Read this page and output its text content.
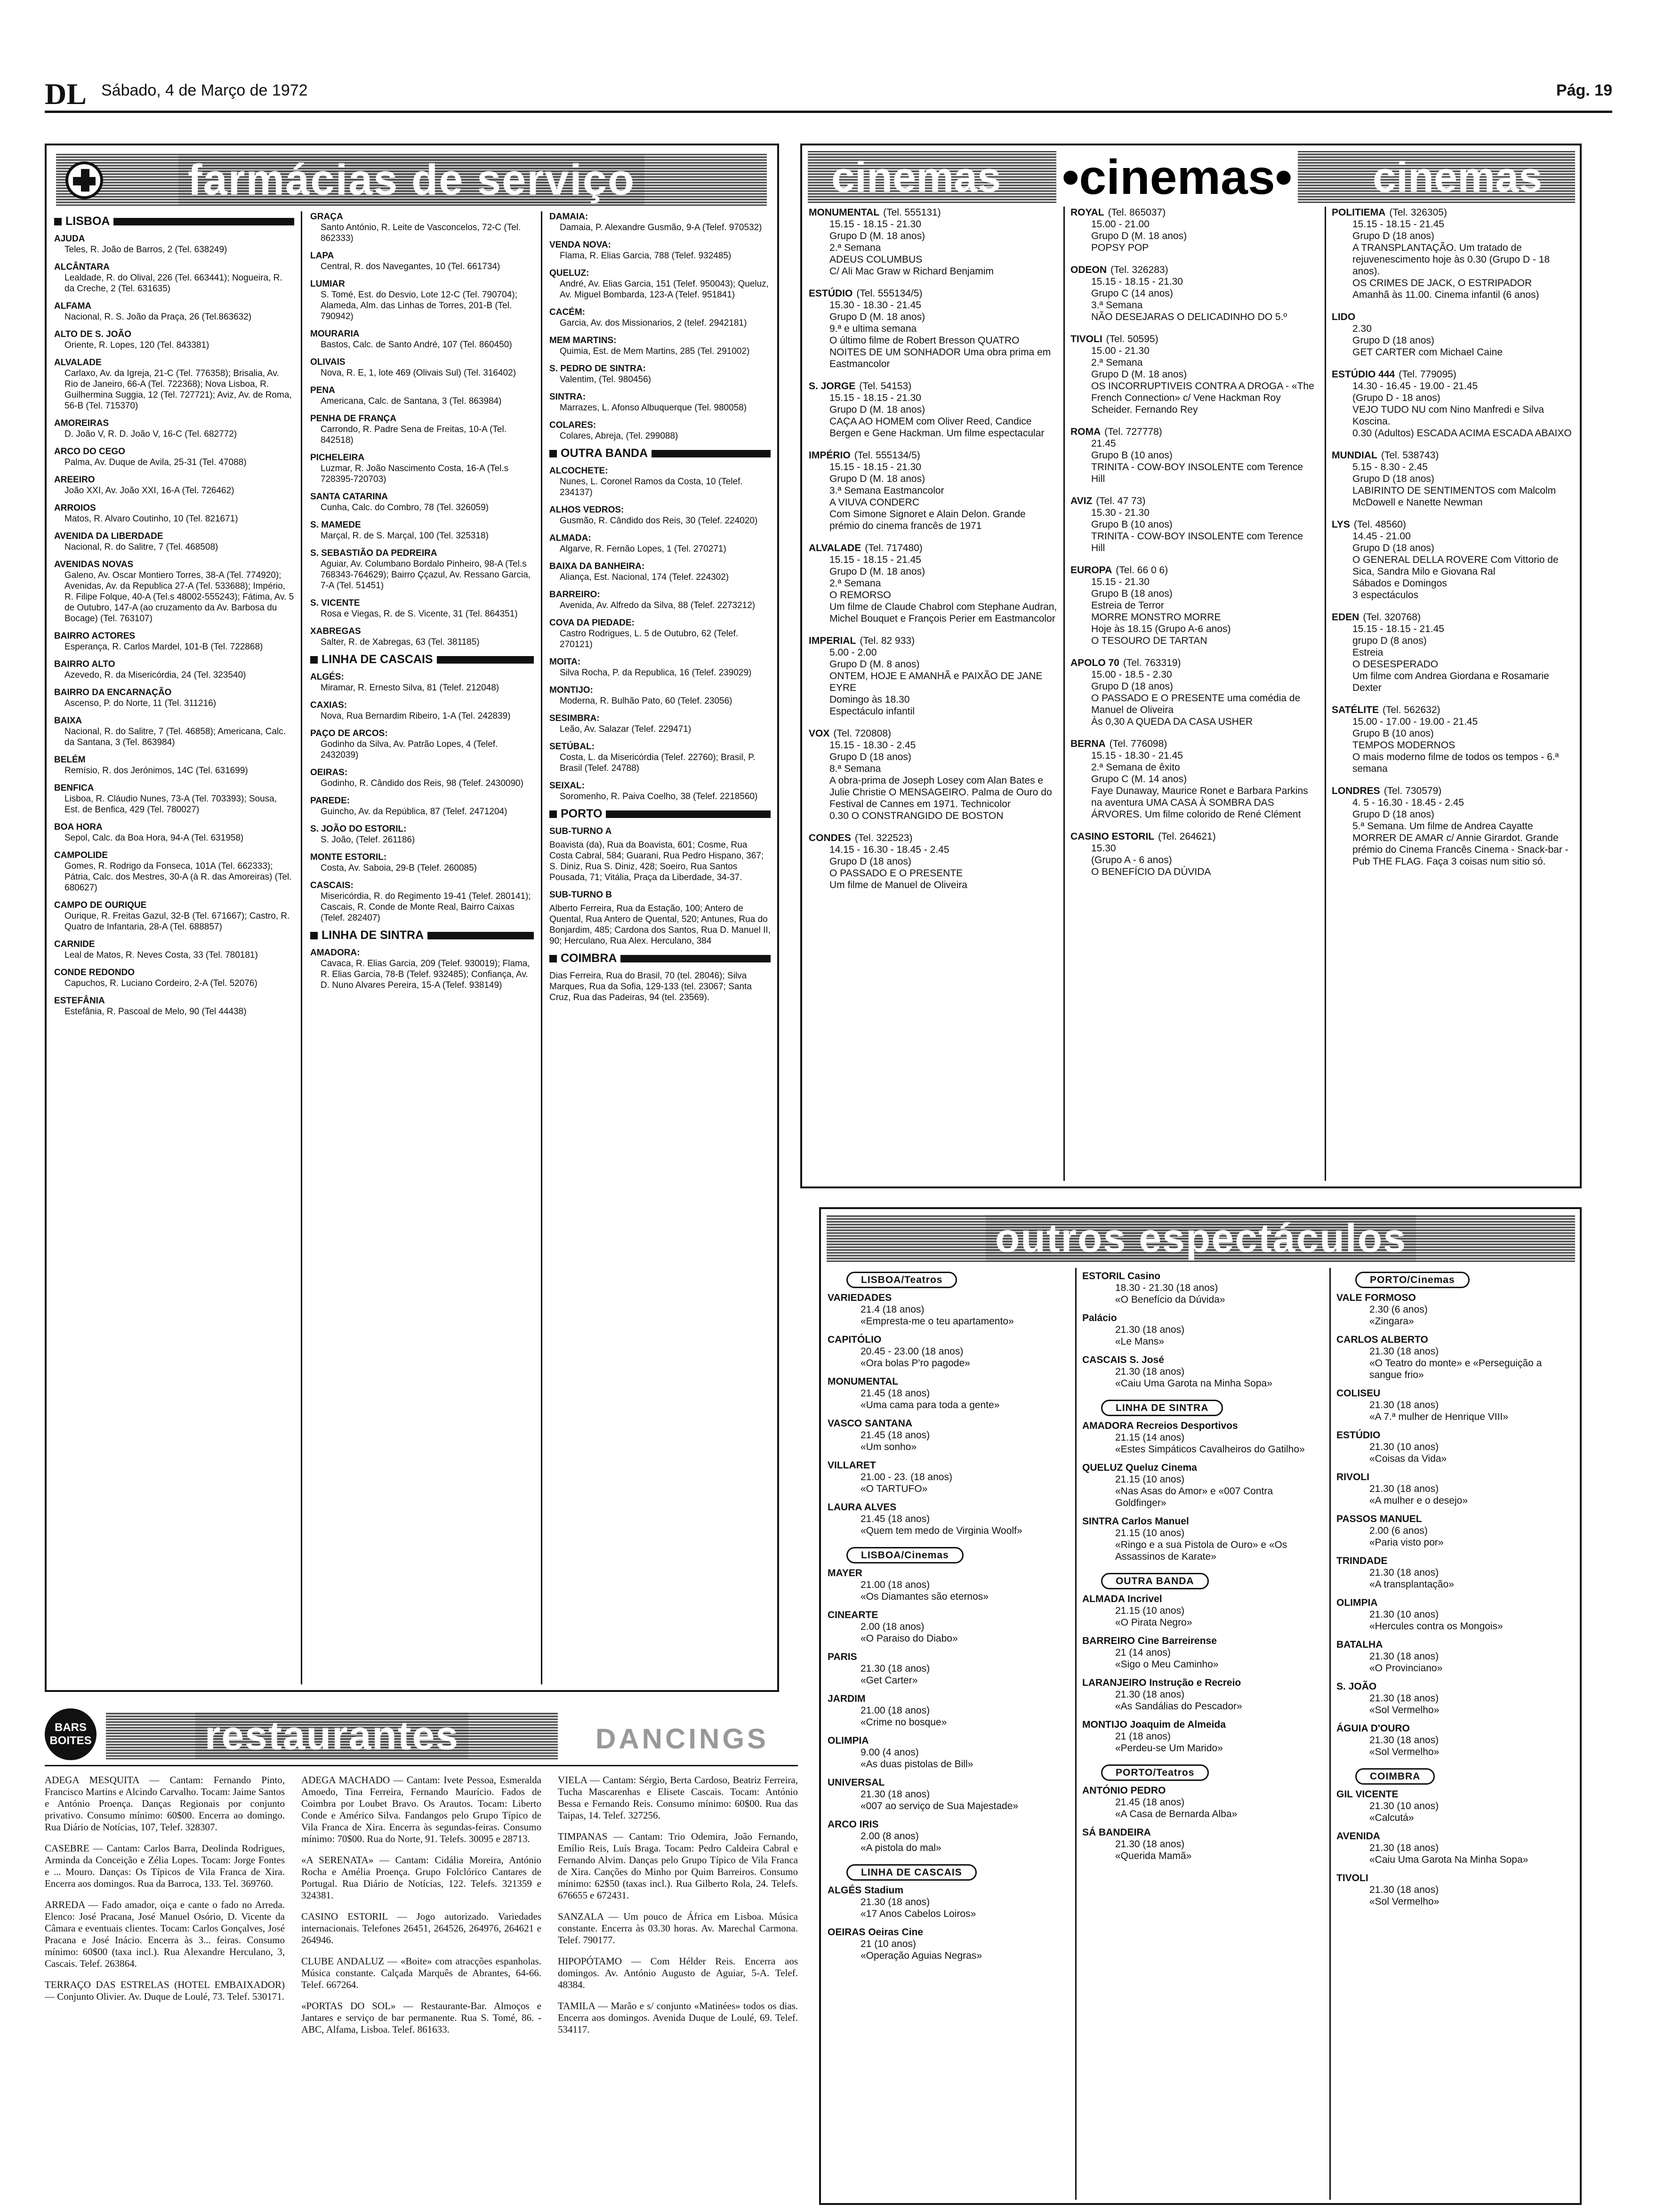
DL Sábado, 4 de Março de 1972	Pág. 19
farmácias de serviço
LISBOA
AJUDA
Teles, R. João de Barros, 2 (Tel. 638249)
ALCÂNTARA
Lealdade, R. do Olival, 226 (Tel. 663441); Nogueira, R. da Creche, 2 (Tel. 631635)
ALFAMA
Nacional, R. S. João da Praça, 26 (Tel.863632)
ALTO DE S. JOÃO
Oriente, R. Lopes, 120 (Tel. 843381)
ALVALADE
Carlaxo, Av. da Igreja, 21-C (Tel. 776358); Brisalia, Av. Rio de Janeiro, 66-A (Tel. 722368); Nova Lisboa, R. Guilhermina Suggia, 12 (Tel. 727721); Aviz, Av. de Roma, 56-B (Tel. 715370)
AMOREIRAS
D. João V, R. D. João V, 16-C (Tel. 682772)
ARCO DO CEGO
Palma, Av. Duque de Avila, 25-31 (Tel. 47088)
AREEIRO
João XXI, Av. João XXI, 16-A (Tel. 726462)
ARROIOS
Matos, R. Alvaro Coutinho, 10 (Tel. 821671)
AVENIDA DA LIBERDADE
Nacional, R. do Salitre, 7 (Tel. 468508)
AVENIDAS NOVAS
Galeno, Av. Oscar Montiero Torres, 38-A (Tel. 774920); Avenidas, Av. da Republica 27-A (Tel. 533688); Império, R. Filipe Folque, 40-A (Tel.s 48002-555243); Fátima, Av. 5 de Outubro, 147-A (ao cruzamento da Av. Barbosa du Bocage) (Tel. 763107)
BAIRRO ACTORES
Esperança, R. Carlos Mardel, 101-B (Tel. 722868)
BAIRRO ALTO
Azevedo, R. da Misericórdia, 24 (Tel. 323540)
BAIRRO DA ENCARNAÇÃO
Ascenso, P. do Norte, 11 (Tel. 311216)
BAIXA
Nacional, R. do Salitre, 7 (Tel. 46858); Americana, Calc. da Santana, 3 (Tel. 863984)
BELÉM
Remísio, R. dos Jerónimos, 14C (Tel. 631699)
BENFICA
Lisboa, R. Cláudio Nunes, 73-A (Tel. 703393); Sousa, Est. de Benfica, 429 (Tel. 780027)
BOA HORA
Sepol, Calc. da Boa Hora, 94-A (Tel. 631958)
CAMPOLIDE
Gomes, R. Rodrigo da Fonseca, 101A (Tel. 662333); Pátria, Calc. dos Mestres, 30-A (à R. das Amoreiras) (Tel. 680627)
CAMPO DE OURIQUE
Ourique, R. Freitas Gazul, 32-B (Tel. 671667); Castro, R. Quatro de Infantaria, 28-A (Tel. 688857)
CARNIDE
Leal de Matos, R. Neves Costa, 33 (Tel. 780181)
CONDE REDONDO
Capuchos, R. Luciano Cordeiro, 2-A (Tel. 52076)
ESTEFÂNIA
Estefânia, R. Pascoal de Melo, 90 (Tel 44438)
GRAÇA
Santo António, R. Leite de Vasconcelos, 72-C (Tel. 862333)
LAPA
Central, R. dos Navegantes, 10 (Tel. 661734)
LUMIAR
S. Tomé, Est. do Desvio, Lote 12-C (Tel. 790704); Alameda, Alm. das Linhas de Torres, 201-B (Tel. 790942)
MOURARIA
Bastos, Calc. de Santo André, 107 (Tel. 860450)
OLIVAIS
Nova, R. E, 1, lote 469 (Olivais Sul) (Tel. 316402)
PENA
Americana, Calc. de Santana, 3 (Tel. 863984)
PENHA DE FRANÇA
Carrondo, R. Padre Sena de Freitas, 10-A (Tel. 842518)
PICHELEIRA
Luzmar, R. João Nascimento Costa, 16-A (Tel.s 728395-720703)
SANTA CATARINA
Cunha, Calc. do Combro, 78 (Tel. 326059)
S. MAMEDE
Marçal, R. de S. Marçal, 100 (Tel. 325318)
S. SEBASTIÃO DA PEDREIRA
Aguiar, Av. Columbano Bordalo Pinheiro, 98-A (Tel.s 768343-764629); Bairro Ççazul, Av. Ressano Garcia, 7-A (Tel. 51451)
S. VICENTE
Rosa e Viegas, R. de S. Vicente, 31 (Tel. 864351)
XABREGAS
Salter, R. de Xabregas, 63 (Tel. 381185)
LINHA DE CASCAIS
ALGÉS:
Miramar, R. Ernesto Silva, 81 (Telef. 212048)
CAXIAS:
Nova, Rua Bernardim Ribeiro, 1-A (Tel. 242839)
PAÇO DE ARCOS:
Godinho da Silva, Av. Patrão Lopes, 4 (Telef. 2432039)
OEIRAS:
Godinho, R. Cândido dos Reis, 98 (Telef. 2430090)
PAREDE:
Guincho, Av. da República, 87 (Telef. 2471204)
S. JOÃO DO ESTORIL:
S. João, (Telef. 261186)
MONTE ESTORIL:
Costa, Av. Saboia, 29-B (Telef. 260085)
CASCAIS:
Misericórdia, R. do Regimento 19-41 (Telef. 280141); Cascais, R. Conde de Monte Real, Bairro Caixas (Telef. 282407)
LINHA DE SINTRA
AMADORA:
Cavaca, R. Elias Garcia, 209 (Telef. 930019); Flama, R. Elias Garcia, 78-B (Telef. 932485); Confiança, Av. D. Nuno Alvares Pereira, 15-A (Telef. 938149)
DAMAIA:
Damaia, P. Alexandre Gusmão, 9-A (Telef. 970532)
VENDA NOVA:
Flama, R. Elias Garcia, 788 (Telef. 932485)
QUELUZ:
André, Av. Elias Garcia, 151 (Telef. 950043); Queluz, Av. Miguel Bombarda, 123-A (Telef. 951841)
CACÉM:
Garcia, Av. dos Missionarios, 2 (telef. 2942181)
MEM MARTINS:
Quimia, Est. de Mem Martins, 285 (Tel. 291002)
S. PEDRO DE SINTRA:
Valentim, (Tel. 980456)
SINTRA:
Marrazes, L. Afonso Albuquerque (Tel. 980058)
COLARES:
Colares, Abreja, (Tel. 299088)
OUTRA BANDA
ALCOCHETE:
Nunes, L. Coronel Ramos da Costa, 10 (Telef. 234137)
ALHOS VEDROS:
Gusmão, R. Cândido dos Reis, 30 (Telef. 224020)
ALMADA:
Algarve, R. Fernão Lopes, 1 (Tel. 270271)
BAIXA DA BANHEIRA:
Aliança, Est. Nacional, 174 (Telef. 224302)
BARREIRO:
Avenida, Av. Alfredo da Silva, 88 (Telef. 2273212)
COVA DA PIEDADE:
Castro Rodrigues, L. 5 de Outubro, 62 (Telef. 270121)
MOITA:
Silva Rocha, P. da Republica, 16 (Telef. 239029)
MONTIJO:
Moderna, R. Bulhão Pato, 60 (Telef. 23056)
SESIMBRA:
Leão, Av. Salazar (Telef. 229471)
SETÚBAL:
Costa, L. da Misericórdia (Telef. 22760); Brasil, P. Brasil (Telef. 24788)
SEIXAL:
Soromenho, R. Paiva Coelho, 38 (Telef. 2218560)
PORTO
SUB-TURNO A
Boavista (da), Rua da Boavista, 601; Cosme, Rua Costa Cabral, 584; Guarani, Rua Pedro Hispano, 367; S. Diniz, Rua S. Diniz, 428; Soeiro, Rua Santos Pousada, 71; Vitália, Praça da Liberdade, 34-37.
SUB-TURNO B
Alberto Ferreira, Rua da Estação, 100; Antero de Quental, Rua Antero de Quental, 520; Antunes, Rua do Bonjardim, 485; Cardona dos Santos, Rua D. Manuel II, 90; Herculano, Rua Alex. Herculano, 384
COIMBRA
Dias Ferreira, Rua do Brasil, 70 (tel. 28046); Silva Marques, Rua da Sofia, 129-133 (tel. 23067; Santa Cruz, Rua das Padeiras, 94 (tel. 23569).
cinemas •cinemas• cinemas
MONUMENTAL (Tel. 555131)
15.15 - 18.15 - 21.30
Grupo D (M. 18 anos)
2.ª Semana
ADEUS COLUMBUS
C/ Ali Mac Graw w Richard Benjamim
ESTÚDIO (Tel. 555134/5)
15.30 - 18.30 - 21.45
Grupo D (M. 18 anos)
9.ª e ultima semana
O último filme de Robert Bresson QUATRO NOITES DE UM SONHADOR Uma obra prima em Eastmancolor
S. JORGE (Tel. 54153)
15.15 - 18.15 - 21.30
Grupo D (M. 18 anos)
CAÇA AO HOMEM com Oliver Reed, Candice Bergen e Gene Hackman. Um filme espectacular
IMPÉRIO (Tel. 555134/5)
15.15 - 18.15 - 21.30
Grupo D (M. 18 anos)
3.ª Semana Eastmancolor
A VIUVA CONDERC
Com Simone Signoret e Alain Delon. Grande prémio do cinema francês de 1971
ALVALADE (Tel. 717480)
15.15 - 18.15 - 21.45
Grupo D (M. 18 anos)
2.ª Semana
O REMORSO
Um filme de Claude Chabrol com Stephane Audran, Michel Bouquet e François Perier em Eastmancolor
IMPERIAL (Tel. 82 933)
5.00 - 2.00
Grupo D (M. 8 anos)
ONTEM, HOJE E AMANHÃ e PAIXÃO DE JANE EYRE
Domingo às 18.30
Espectáculo infantil
VOX (Tel. 720808)
15.15 - 18.30 - 2.45
Grupo D (18 anos)
8.ª Semana
A obra-prima de Joseph Losey com Alan Bates e Julie Christie O MENSAGEIRO. Palma de Ouro do Festival de Cannes em 1971. Technicolor
0.30 O CONSTRANGIDO DE BOSTON
CONDES (Tel. 322523)
14.15 - 16.30 - 18.45 - 2.45
Grupo D (18 anos)
O PASSADO E O PRESENTE
Um filme de Manuel de Oliveira
ROYAL (Tel. 865037)
15.00 - 21.00
Grupo D (M. 18 anos)
POPSY POP
ODEON (Tel. 326283)
15.15 - 18.15 - 21.30
Grupo C (14 anos)
3.ª Semana
NÃO DESEJARAS O DELICADINHO DO 5.º
TIVOLI (Tel. 50595)
15.00 - 21.30
2.ª Semana
Grupo D (M. 18 anos)
OS INCORRUPTIVEIS CONTRA A DROGA - «The French Connection» c/ Vene Hackman Roy Scheider. Fernando Rey
ROMA (Tel. 727778)
21.45
Grupo B (10 anos)
TRINITA - COW-BOY INSOLENTE com Terence Hill
AVIZ (Tel. 47 73)
15.30 - 21.30
Grupo B (10 anos)
TRINITA - COW-BOY INSOLENTE com Terence Hill
EUROPA (Tel. 66 0 6)
15.15 - 21.30
Grupo B (18 anos)
Estreia de Terror
MORRE MONSTRO MORRE
Hoje às 18.15 (Grupo A-6 anos)
O TESOURO DE TARTAN
APOLO 70 (Tel. 763319)
15.00 - 18.5 - 2.30
Grupo D (18 anos)
O PASSADO E O PRESENTE uma comédia de Manuel de Oliveira
Às 0,30 A QUEDA DA CASA USHER
BERNA (Tel. 776098)
15.15 - 18.30 - 21.45
2.ª Semana de êxito
Grupo C (M. 14 anos)
Faye Dunaway, Maurice Ronet e Barbara Parkins na aventura UMA CASA À SOMBRA DAS ÁRVORES. Um filme colorido de René Clément
CASINO ESTORIL (Tel. 264621)
15.30
(Grupo A - 6 anos)
O BENEFÍCIO DA DÚVIDA
POLITIEMA (Tel. 326305)
15.15 - 18.15 - 21.45
Grupo D (18 anos)
A TRANSPLANTAÇÃO. Um tratado de rejuvenescimento hoje às 0.30 (Grupo D - 18 anos).
OS CRIMES DE JACK, O ESTRIPADOR
Amanhã às 11.00. Cinema infantil (6 anos)
LIDO
2.30
Grupo D (18 anos)
GET CARTER com Michael Caine
ESTÚDIO 444 (Tel. 779095)
14.30 - 16.45 - 19.00 - 21.45
(Grupo D - 18 anos)
VEJO TUDO NU com Nino Manfredi e Silva Koscina.
0.30 (Adultos) ESCADA ACIMA ESCADA ABAIXO
MUNDIAL (Tel. 538743)
5.15 - 8.30 - 2.45
Grupo D (18 anos)
LABIRINTO DE SENTIMENTOS com Malcolm McDowell e Nanette Newman
LYS (Tel. 48560)
14.45 - 21.00
Grupo D (18 anos)
O GENERAL DELLA ROVERE Com Vittorio de Sica, Sandra Milo e Giovana Ral
Sábados e Domingos
3 espectáculos
EDEN (Tel. 320768)
15.15 - 18.15 - 21.45
grupo D (8 anos)
Estreia
O DESESPERADO
Um filme com Andrea Giordana e Rosamarie Dexter
SATÉLITE (Tel. 562632)
15.00 - 17.00 - 19.00 - 21.45
Grupo B (10 anos)
TEMPOS MODERNOS
O mais moderno filme de todos os tempos - 6.ª semana
LONDRES (Tel. 730579)
4. 5 - 16.30 - 18.45 - 2.45
Grupo D (18 anos)
5.ª Semana. Um filme de Andrea Cayatte MORRER DE AMAR c/ Annie Girardot. Grande prémio do Cinema Francês Cinema - Snack-bar - Pub THE FLAG. Faça 3 coisas num sitio só.
outros espectáculos
LISBOA/Teatros
VARIEDADES
21.4 (18 anos)
«Empresta-me o teu apartamento»
CAPITÓLIO
20.45 - 23.00 (18 anos)
«Ora bolas P'ro pagode»
MONUMENTAL
21.45 (18 anos)
«Uma cama para toda a gente»
VASCO SANTANA
21.45 (18 anos)
«Um sonho»
VILLARET
21.00 - 23. (18 anos)
«O TARTUFO»
LAURA ALVES
21.45 (18 anos)
«Quem tem medo de Virginia Woolf»
LISBOA/Cinemas
MAYER
21.00 (18 anos)
«Os Diamantes são eternos»
CINEARTE
2.00 (18 anos)
«O Paraiso do Diabo»
PARIS
21.30 (18 anos)
«Get Carter»
JARDIM
21.00 (18 anos)
«Crime no bosque»
OLIMPIA
9.00 (4 anos)
«As duas pistolas de Bill»
UNIVERSAL
21.30 (18 anos)
«007 ao serviço de Sua Majestade»
ARCO IRIS
2.00 (8 anos)
«A pistola do mal»
LINHA DE CASCAIS
ALGÉS Stadium
21.30 (18 anos)
«17 Anos Cabelos Loiros»
OEIRAS Oeiras Cine
21 (10 anos)
«Operação Aguias Negras»
ESTORIL Casino
18.30 - 21.30 (18 anos)
«O Benefício da Dúvida»
Palácio
21.30 (18 anos)
«Le Mans»
CASCAIS S. José
21.30 (18 anos)
«Caiu Uma Garota na Minha Sopa»
LINHA DE SINTRA
AMADORA Recreios Desportivos
21.15 (14 anos)
«Estes Simpáticos Cavalheiros do Gatilho»
QUELUZ Queluz Cinema
21.15 (10 anos)
«Nas Asas do Amor» e «007 Contra Goldfinger»
SINTRA Carlos Manuel
21.15 (10 anos)
«Ringo e a sua Pistola de Ouro» e «Os Assassinos de Karate»
OUTRA BANDA
ALMADA Incrivel
21.15 (10 anos)
«O Pirata Negro»
BARREIRO Cine Barreirense
21 (14 anos)
«Sigo o Meu Caminho»
LARANJEIRO Instrução e Recreio
21.30 (18 anos)
«As Sandálias do Pescador»
MONTIJO Joaquim de Almeida
21 (18 anos)
«Perdeu-se Um Marido»
PORTO/Teatros
ANTÓNIO PEDRO
21.45 (18 anos)
«A Casa de Bernarda Alba»
SÁ BANDEIRA
21.30 (18 anos)
«Querida Mamã»
PORTO/Cinemas
VALE FORMOSO
2.30 (6 anos)
«Zingara»
CARLOS ALBERTO
21.30 (18 anos)
«O Teatro do monte» e «Perseguição a sangue frio»
COLISEU
21.30 (18 anos)
«A 7.ª mulher de Henrique VIII»
ESTÚDIO
21.30 (10 anos)
«Coisas da Vida»
RIVOLI
21.30 (18 anos)
«A mulher e o desejo»
PASSOS MANUEL
2.00 (6 anos)
«Paria visto por»
TRINDADE
21.30 (18 anos)
«A transplantação»
OLIMPIA
21.30 (10 anos)
«Hercules contra os Mongois»
BATALHA
21.30 (18 anos)
«O Provinciano»
S. JOÃO
21.30 (18 anos)
«Sol Vermelho»
ÁGUIA D'OURO
21.30 (18 anos)
«Sol Vermelho»
COIMBRA
GIL VICENTE
21.30 (10 anos)
«Calcutá»
AVENIDA
21.30 (18 anos)
«Caiu Uma Garota Na Minha Sopa»
TIVOLI
21.30 (18 anos)
«Sol Vermelho»
BARS BOITES	restaurantes	DANCINGS

ADEGA MESQUITA — Cantam: Fernando Pinto, Francisco Martins e Alcindo Carvalho. Tocam: Jaime Santos e António Proença. Danças Regionais por conjunto privativo. Consumo mínimo: 60$00. Encerra ao domingo. Rua Diário de Notícias, 107, Telef. 328307.

CASEBRE — Cantam: Carlos Barra, Deolinda Rodrigues, Arminda da Conceição e Zélia Lopes. Tocam: Jorge Fontes e ... Mouro. Danças: Os Típicos de Vila Franca de Xira. Encerra aos domingos. Rua da Barroca, 133. Tel. 369760.

ARREDA — Fado amador, oiça e cante o fado no Arreda. Elenco: José Pracana, José Manuel Osório, D. Vicente da Câmara e eventuais clientes. Tocam: Carlos Gonçalves, José Pracana e José Inácio. Encerra às 3... feiras. Consumo mínimo: 60$00 (taxa incl.). Rua Alexandre Herculano, 3, Cascais. Telef. 263864.

TERRAÇO DAS ESTRELAS (HOTEL EMBAIXADOR) — Conjunto Olivier. Av. Duque de Loulé, 73. Telef. 530171.

ADEGA MACHADO — Cantam: Ivete Pessoa, Esmeralda Amoedo, Tina Ferreira, Fernando Maurício. Fados de Coimbra por Loubet Bravo. Os Arautos. Tocam: Liberto Conde e Américo Silva. Fandangos pelo Grupo Típico de Vila Franca de Xira. Encerra às segundas-feiras. Consumo mínimo: 70$00. Rua do Norte, 91. Telefs. 30095 e 28713.

«A SERENATA» — Cantam: Cidália Moreira, António Rocha e Amélia Proença. Grupo Folclórico Cantares de Portugal. Rua Diário de Notícias, 122. Telefs. 321359 e 324381.

CASINO ESTORIL — Jogo autorizado. Variedades internacionais. Telefones 26451, 264526, 264976, 264621 e 264946.

CLUBE ANDALUZ — «Boite» com atracções espanholas. Música constante. Calçada Marquês de Abrantes, 64-66. Telef. 667264.

«PORTAS DO SOL» — Restaurante-Bar. Almoços e Jantares e serviço de bar permanente. Rua S. Tomé, 86. -ABC, Alfama, Lisboa. Telef. 861633.

VIELA — Cantam: Sérgio, Berta Cardoso, Beatriz Ferreira, Tucha Mascarenhas e Elisete Cascais. Tocam: António Bessa e Fernando Reis. Consumo mínimo: 60$00. Rua das Taipas, 14. Telef. 327256.

TIMPANAS — Cantam: Trio Odemira, João Fernando, Emílio Reis, Luís Braga. Tocam: Pedro Caldeira Cabral e Fernando Alvim. Danças pelo Grupo Típico de Vila Franca de Xira. Canções do Minho por Quim Barreiros. Consumo mínimo: 62$50 (taxas incl.). Rua Gilberto Rola, 24. Telefs. 676655 e 672431.

SANZALA — Um pouco de África em Lisboa. Música constante. Encerra às 03.30 horas. Av. Marechal Carmona. Telef. 790177.

HIPOPÓTAMO — Com Hélder Reis. Encerra aos domingos. Av. António Augusto de Aguiar, 5-A. Telef. 48384.

TAMILA — Marão e s/ conjunto «Matinées» todos os dias. Encerra aos domingos. Avenida Duque de Loulé, 69. Telef. 534117.
